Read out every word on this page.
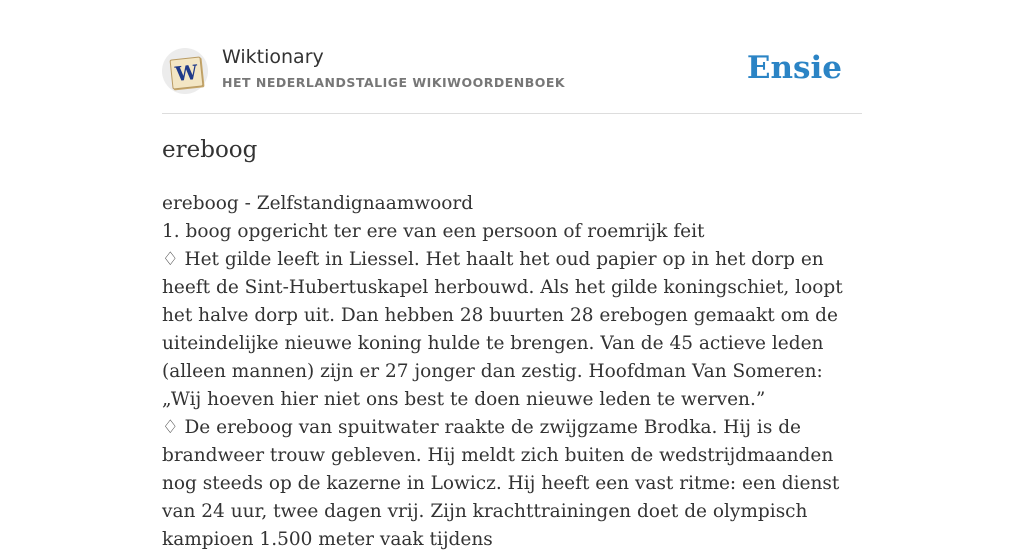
W
Wiktionary
HET NEDERLANDSTALIGE WIKIWOORDENBOEK	Ensie
ereboog

ereboog - Zelfstandignaamwoord

1. boog opgericht ter ere van een persoon of roemrijk feit

♢ Het gilde leeft in Liessel. Het haalt het oud papier op in het dorp en heeft de Sint-Hubertuskapel herbouwd. Als het gilde koningschiet, loopt het halve dorp uit. Dan hebben 28 buurten 28 erebogen gemaakt om de uiteindelijke nieuwe koning hulde te brengen. Van de 45 actieve leden (alleen mannen) zijn er 27 jonger dan zestig. Hoofdman Van Someren: „Wij hoeven hier niet ons best te doen nieuwe leden te werven.”

♢ De ereboog van spuitwater raakte de zwijgzame Brodka. Hij is de brandweer trouw gebleven. Hij meldt zich buiten de wedstrijdmaanden nog steeds op de kazerne in Lowicz. Hij heeft een vast ritme: een dienst van 24 uur, twee dagen vrij. Zijn krachttrainingen doet de olympisch kampioen 1.500 meter vaak tijdens
